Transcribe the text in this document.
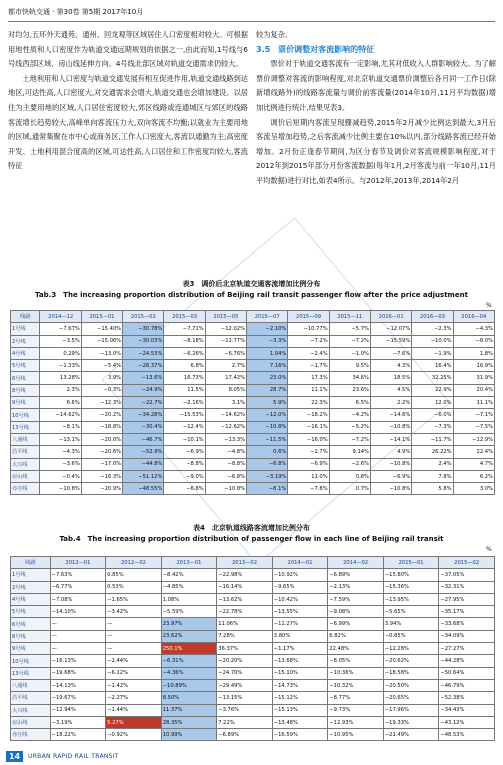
都市快轨交通 · 第30卷 第5期 2017年10月

对均匀,五环外天通苑、通州、回龙观等区域居住人口密度相对较大。可根据用地性质和人口密度作为轨道交通远期规划的依据之一,由此而知,1号线与6号线西部区域、房山线延伸方向、4号线北部区域对轨道交通需求仍较大。

土地利用和人口密度与轨道交通发展有相互促进作用,轨道交通线路到达地区,可达性高,人口密度大,对交通需求会增大,轨道交通也会增加建设。以居住为主要用地的区域,人口居住密度较大,郊区线路或连通城区与郊区的线路客流增长趋势较大,高峰单向客流压力大,双向客流不均衡;以就业为主要用地的区域,通常集聚在市中心或商务区,工作人口密度大,客流以通勤为主;高密度开发、土地利用混合度高的区域,可达性高,人口居住和工作密度均较大,客流特征

较为复杂。

3.5　票价调整对客流影响的特征

票价对于轨道交通客流有一定影响,尤其对低收入人群影响较大。为了解票价调整对客流的影响程度,对北京轨道交通票价调整后各月同一工作日(除新增线路外)的线路客流量与调价前客流量(2014年10月,11月平均数据)增加比例进行统计,结果见表3。

调价后短期内客流呈现骤减趋势,2015年2月减少比例达到最大,3月后客流呈增加趋势,之后客流减少比例主要在10%以内,部分线路客流已经开始增加。2月份正逢春节期间,为区分春节及调价对客流规模影响程度,对于2012年到2015年部分月份客流数据(每年1月,2月客流与前一年10月,11月平均数据)进行对比,如表4所示。与2012年,2013年,2014年2月

表3　调价后北京轨道交通客流增加比例分布
Tab.3　The increasing proportion distribution of Beijing rail transit passenger flow after the price adjustment
%
线路	2014—12	2015—01	2015—02	2015—03	2015—05	2015—07	2015—09	2015—11	2016—01	2016—03	2016—04
1号线	−7.67%	−15.40%	−30.78%	−7.71%	−12.02%	−2.10%	−10.77%	−5.7%	−12.07%	−2.3%	−4.3%
2号线	−3.5%	−15.06%	−30.03%	−8.18%	−11.77%	−3.3%	−7.2%	−7.2%	−15.59%	−10.0%	−8.0%
4号线	0.29%	−13.0%	−24.53%	−6.26%	−6.76%	1.04%	−2.4%	−1.0%	−7.6%	−1.9%	1.8%
5号线	−1.33%	−5.4%	−28.37%	6.8%	2.7%	7.16%	−1.7%	9.5%	4.3%	16.4%	16.9%
6号线	13.28%	3.9%	−13.6%	16.73%	17.42%	23.0%	17.3%	34.6%	18.5%	32.25%	31.9%
8号线	2.3%	−0.3%	−24.9%	11.5%	8.05%	28.7%	11.1%	23.6%	4.5%	22.9%	20.4%
9号线	6.6%	−12.3%	−22.7%	−2.16%	3.1%	5.9%	22.3%	6.5%	2.2%	12.0%	11.1%
10号线	−14.62%	−20.2%	−34.28%	−15.53%	−14.62%	−12.0%	−18.2%	−4.2%	−14.6%	−6.0%	−7.1%
13号线	−8.1%	−18.8%	−30.4%	−12.4%	−12.62%	−10.8%	−16.1%	−5.2%	−10.8%	−7.3%	−7.5%
八通线	−13.1%	−20.0%	−46.7%	−10.1%	−13.3%	−11.5%	−16.0%	−7.2%	−14.1%	−11.7%	−12.9%
昌平线	−4.3%	−20.6%	−52.9%	−6.9%	−4.8%	0.6%	−2.7%	9.14%	4.9%	26.22%	22.4%
大兴线	−3.6%	−17.0%	−44.8%	−8.8%	−8.8%	−6.8%	−6.9%	−2.6%	−10.8%	2.4%	4.7%
房山线	−0.4%	−16.3%	−51.12%	−9.0%	−6.8%	−3.19%	11.0%	0.6%	−6.9%	7.8%	6.2%
亦庄线	−10.8%	−20.9%	−48.55%	−6.8%	−10.8%	−8.1%	−7.8%	0.7%	−10.8%	5.8%	3.0%
表4　北京轨道线路客流增加比例分布
Tab.4　The increasing proportion distribution of passenger flow in each line of Beijing rail transit
%
线路	2012—01	2012—02	2013—01	2013—02	2014—01	2014—02	2015—01	2015—02
1号线	−7.63%	0.85%	−8.42%	−22.98%	−10.92%	−6.89%	−15.80%	−37.05%
2号线	−6.77%	0.53%	−4.85%	−16.14%	−9.65%	−2.13%	−15.36%	−32.31%
4号线	−7.08%	−1.65%	1.08%	−13.62%	−10.42%	−7.59%	−13.95%	−27.95%
5号线	−14.10%	−3.42%	−5.59%	−22.78%	−13.55%	−9.08%	−5.65%	−35.17%
6号线	—	—	23.97%	11.06%	−11.27%	−6.99%	3.94%	−33.68%
8号线	—	—	23.62%	7.28%	3.80%	6.82%	−0.85%	−34.09%
9号线	—	—	250.1%	36.37%	−1.17%	22.48%	−12.28%	−27.27%
10号线	−16.13%	−2.44%	−6.31%	−20.20%	−13.68%	−8.05%	−20.62%	−44.28%
13号线	−19.68%	−6.12%	−4.36%	−24.70%	−15.10%	−10.36%	−18.58%	−50.64%
八通线	−14.13%	−1.42%	−10.89%	−29.49%	−14.73%	−10.32%	−20.50%	−46.79%
昌平线	−19.67%	−2.27%	8.50%	−13.15%	−15.12%	−8.77%	−20.65%	−52.38%
大兴线	−12.94%	−1.44%	11.37%	−3.76%	−15.13%	−9.73%	−17.96%	−34.43%
房山线	−3.19%	5.27%	28.35%	7.22%	−13.48%	−12.93%	−19.33%	−43.12%
亦庄线	−18.22%	−0.92%	10.99%	−6.89%	−16.59%	−10.95%	−21.49%	−48.53%
14	URBAN RAPID RAIL TRANSIT
